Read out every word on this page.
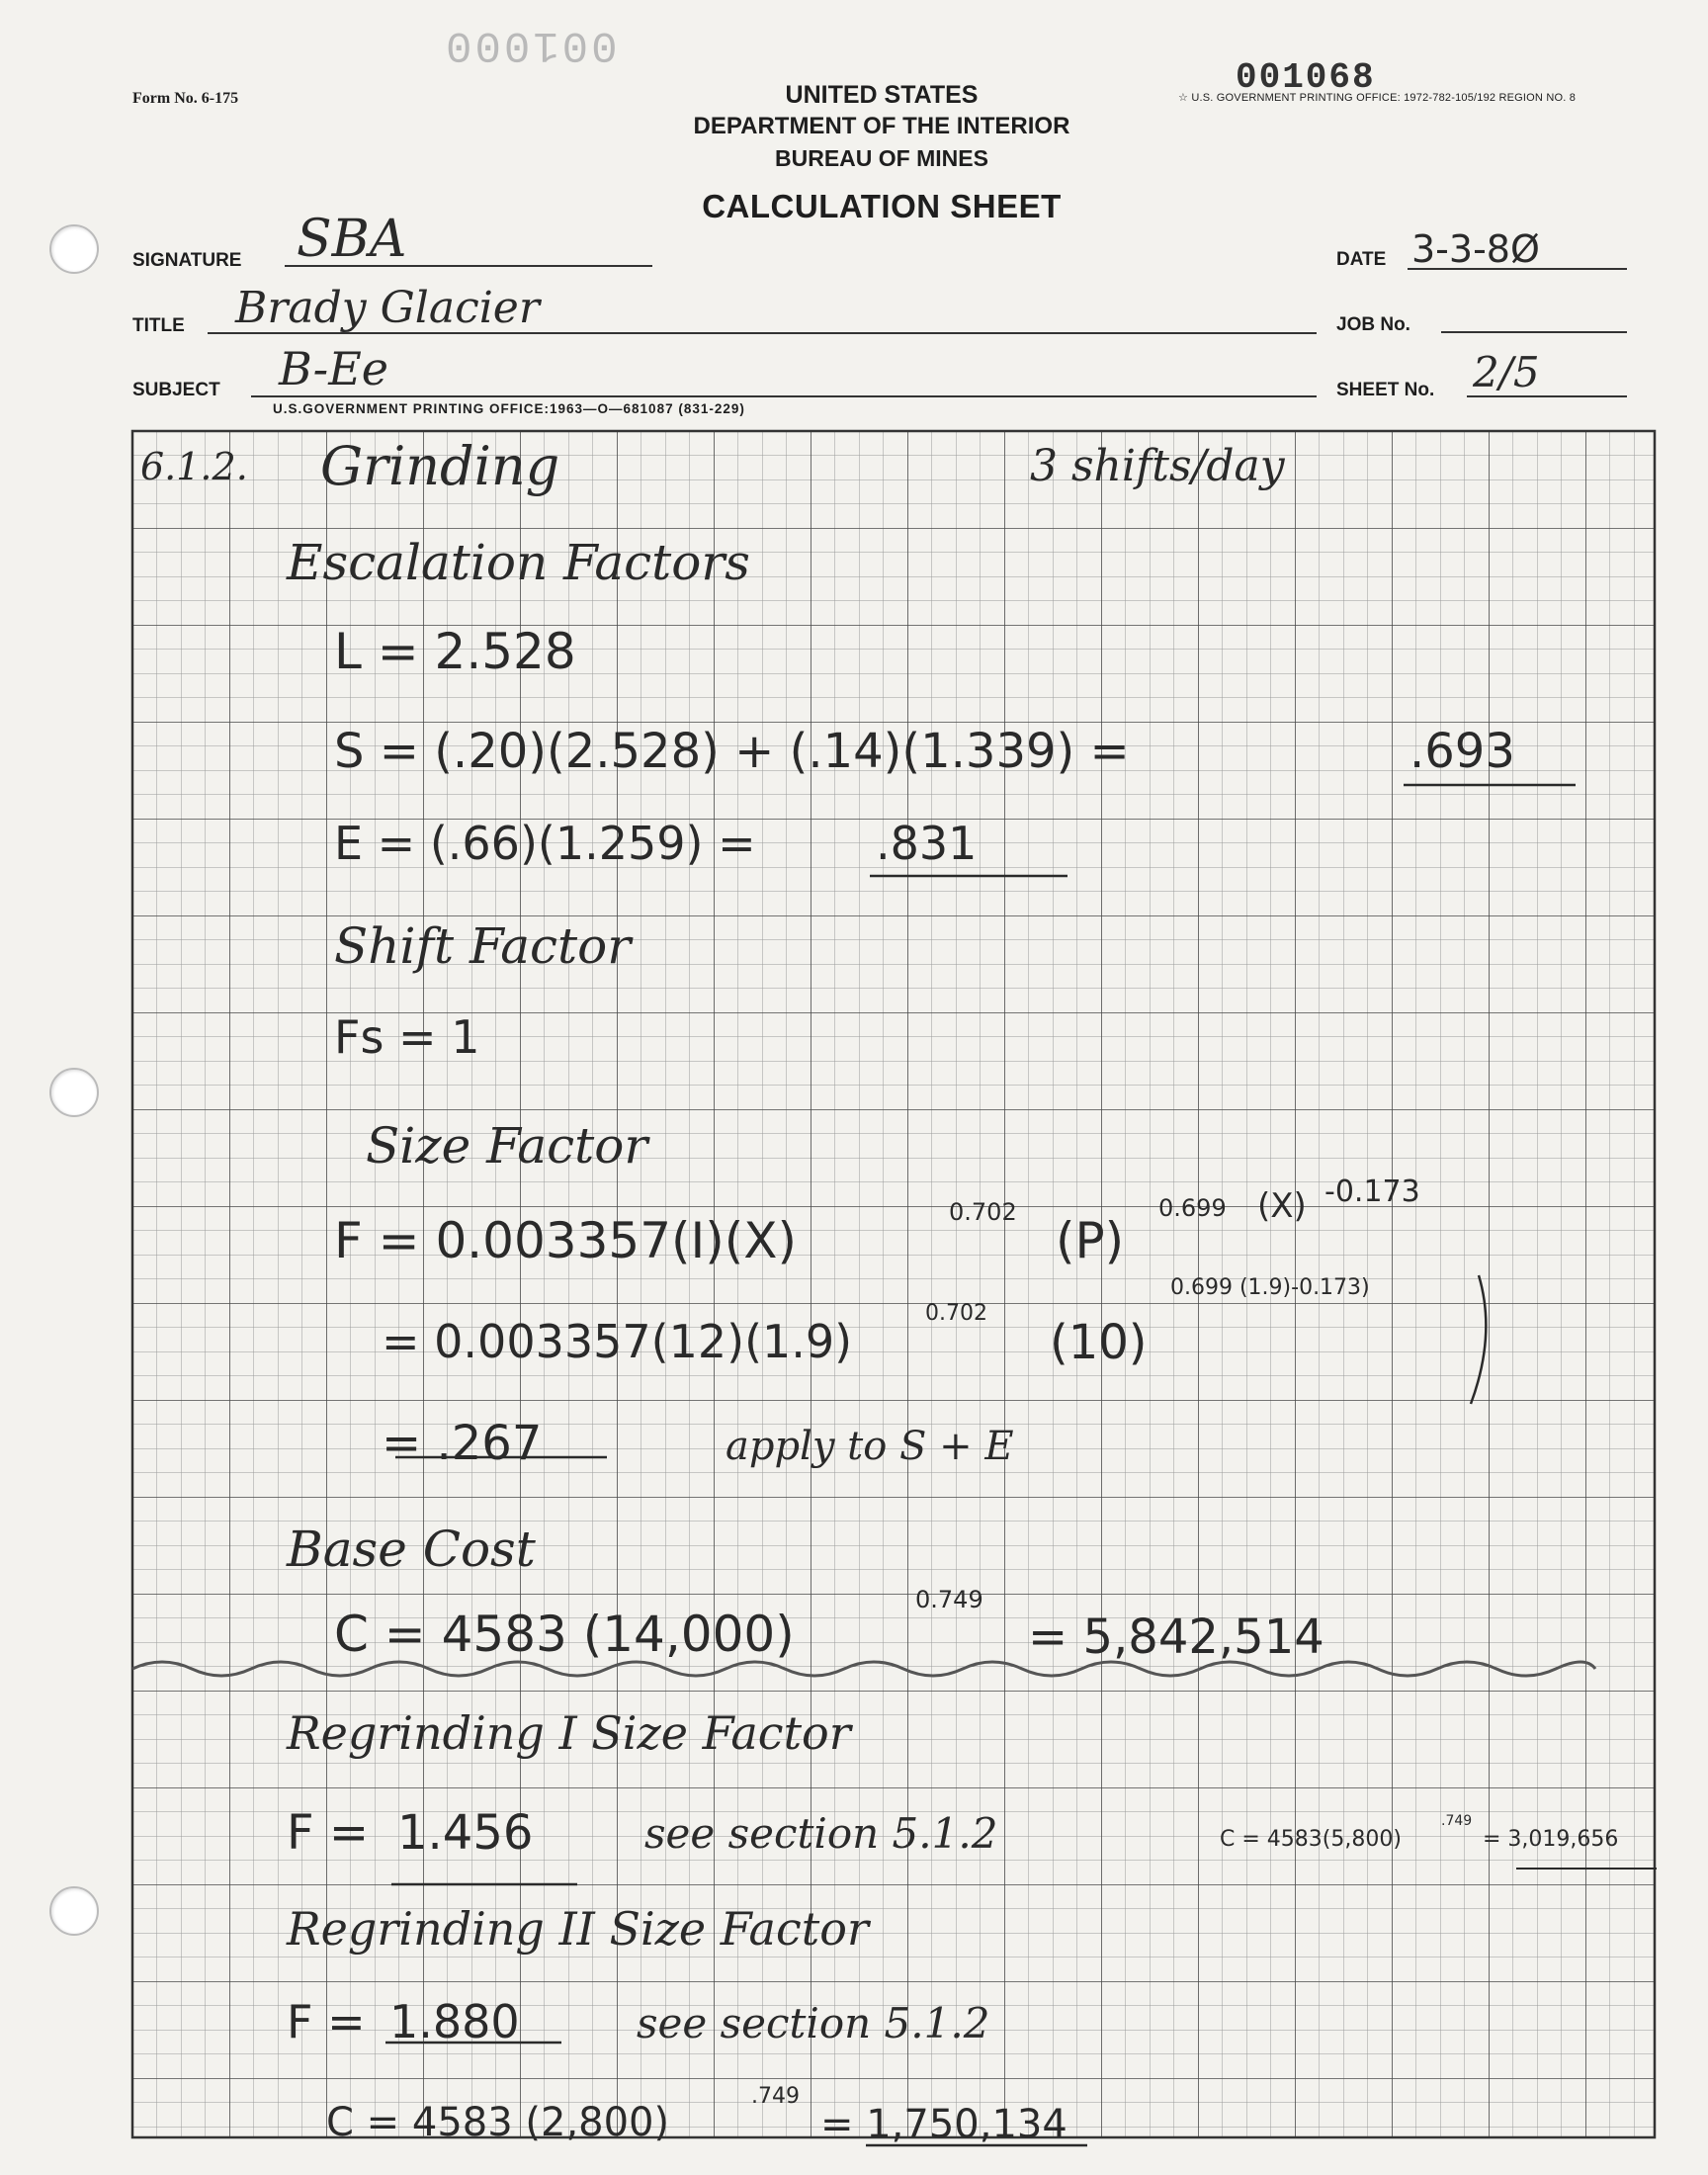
001000
001068
Form No. 6-175	☆ U.S. GOVERNMENT PRINTING OFFICE: 1972-782-105/192 REGION NO. 8
UNITED STATES
DEPARTMENT OF THE INTERIOR
BUREAU OF MINES
CALCULATION SHEET
SIGNATURE SBA	DATE 3-3-8Ø
TITLE Brady Glacier	JOB No.
SUBJECT B-Ee	SHEET No. 2/5
U.S.GOVERNMENT PRINTING OFFICE:1963—O—681087 (831-229)
6.1.2. Grinding	3 shifts/day
Escalation Factors
L = 2.528
S = (.20)(2.528) + (.14)(1.339) =	.693
E = (.66)(1.259) =	.831
Shift Factor
Fs = 1
Size Factor
F = 0.003357(I)(X)	0.702 (P)
0.699 (X) -0.173
= 0.003357(12)(1.9)
0.702
(10)
0.699 (1.9)-0.173)
= .267	apply to S + E
Base Cost
C = 4583 (14,000)
0.749
= 5,842,514
Regrinding I Size Factor
F = 1.456	see section 5.1.2	C = 4583(5,800)
.749
= 3,019,656
Regrinding II Size Factor
F = 1.880	see section 5.1.2
C = 4583 (2,800)
.749
= 1,750,134
